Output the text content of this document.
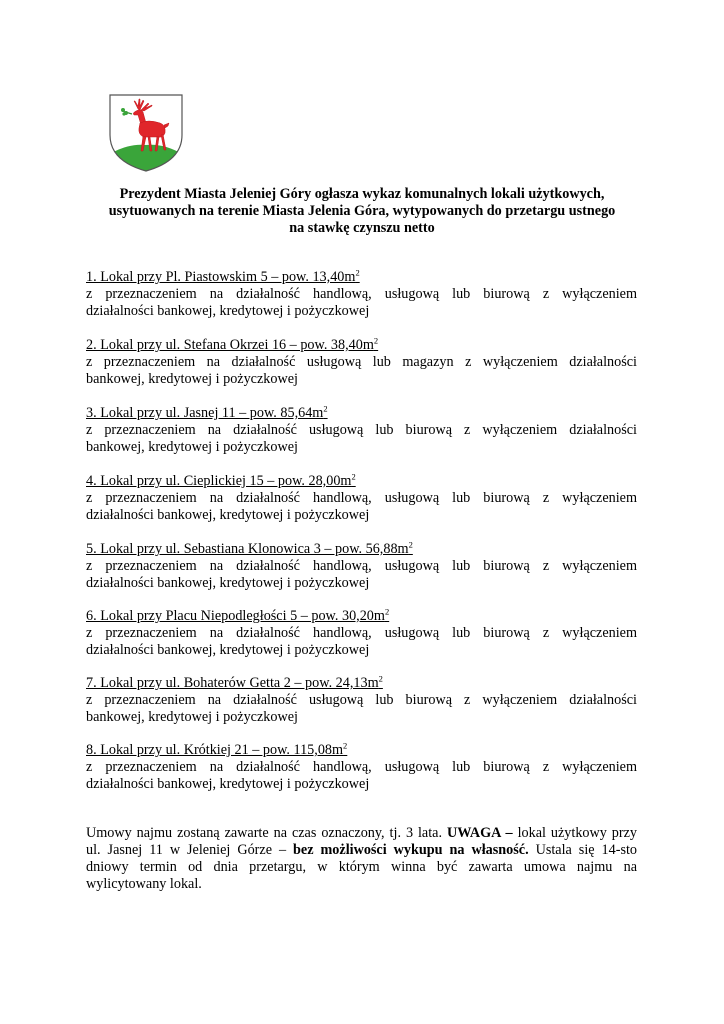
Prezydent Miasta Jeleniej Góry ogłasza wykaz komunalnych lokali użytkowych,
usytuowanych na terenie Miasta Jelenia Góra, wytypowanych do przetargu ustnego
na stawkę czynszu netto
1. Lokal przy Pl. Piastowskim 5 – pow. $13,40m^2$
z przeznaczeniem na działalność handlową, usługową lub biurową z wyłączeniem
działalności bankowej, kredytowej i pożyczkowej
2. Lokal przy ul. Stefana Okrzei 16 – pow. $38,40m^2$
z przeznaczeniem na działalność usługową lub magazyn z wyłączeniem działalności
bankowej, kredytowej i pożyczkowej
3. Lokal przy ul. Jasnej 11 – pow. $85,64m^2$
z przeznaczeniem na działalność usługową lub biurową z wyłączeniem działalności
bankowej, kredytowej i pożyczkowej
4. Lokal przy ul. Cieplickiej 15 – pow. $28,00m^2$
z przeznaczeniem na działalność handlową, usługową lub biurową z wyłączeniem
działalności bankowej, kredytowej i pożyczkowej
5. Lokal przy ul. Sebastiana Klonowica 3 – pow. $56,88m^2$
z przeznaczeniem na działalność handlową, usługową lub biurową z wyłączeniem
działalności bankowej, kredytowej i pożyczkowej
6. Lokal przy Placu Niepodległości 5 – pow. $30,20m^2$
z przeznaczeniem na działalność handlową, usługową lub biurową z wyłączeniem
działalności bankowej, kredytowej i pożyczkowej
7. Lokal przy ul. Bohaterów Getta 2 – pow. $24,13m^2$
z przeznaczeniem na działalność usługową lub biurową z wyłączeniem działalności
bankowej, kredytowej i pożyczkowej
8. Lokal przy ul. Krótkiej 21 – pow. $115,08m^2$
z przeznaczeniem na działalność handlową, usługową lub biurową z wyłączeniem
działalności bankowej, kredytowej i pożyczkowej
Umowy najmu zostaną zawarte na czas oznaczony, tj. 3 lata. UWAGA – lokal użytkowy przy
ul. Jasnej 11 w Jeleniej Górze – bez możliwości wykupu na własność. Ustala się 14-sto
dniowy termin od dnia przetargu, w którym winna być zawarta umowa najmu na
wylicytowany lokal.
